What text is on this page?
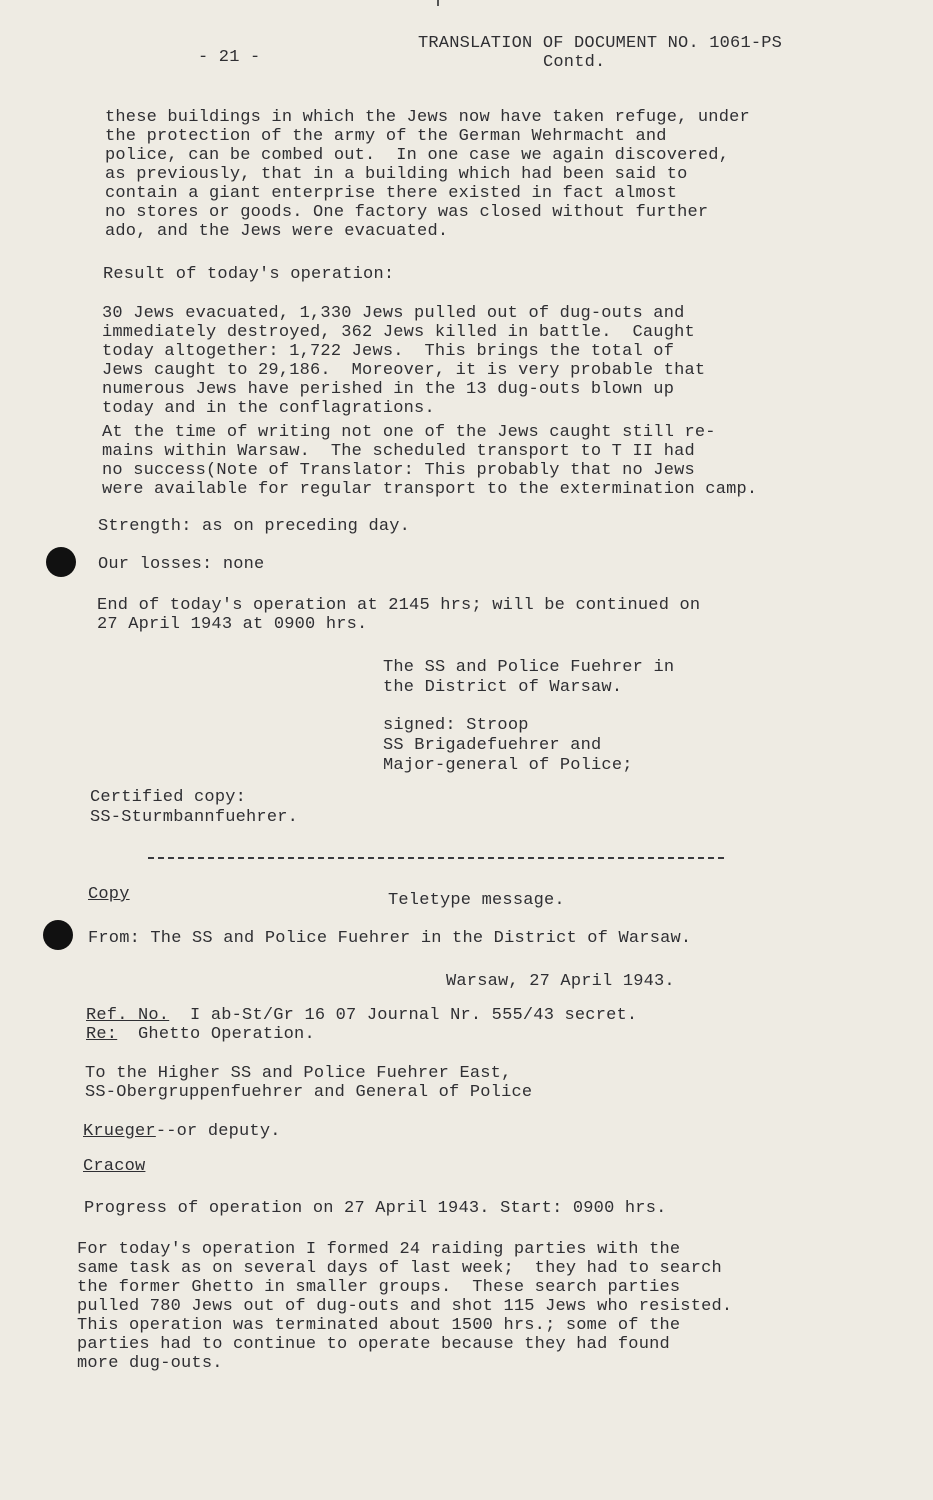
- 21 -
TRANSLATION OF DOCUMENT NO. 1061-PS
Contd.
these buildings in which the Jews now have taken refuge, under
the protection of the army of the German Wehrmacht and
police, can be combed out.  In one case we again discovered,
as previously, that in a building which had been said to
contain a giant enterprise there existed in fact almost
no stores or goods. One factory was closed without further
ado, and the Jews were evacuated.
Result of today's operation:
30 Jews evacuated, 1,330 Jews pulled out of dug-outs and
immediately destroyed, 362 Jews killed in battle.  Caught
today altogether: 1,722 Jews.  This brings the total of
Jews caught to 29,186.  Moreover, it is very probable that
numerous Jews have perished in the 13 dug-outs blown up
today and in the conflagrations.
At the time of writing not one of the Jews caught still re-
mains within Warsaw.  The scheduled transport to T II had
no success(Note of Translator: This probably that no Jews
were available for regular transport to the extermination camp.
Strength: as on preceding day.
Our losses: none
End of today's operation at 2145 hrs; will be continued on
27 April 1943 at 0900 hrs.
The SS and Police Fuehrer in
the District of Warsaw.
signed: Stroop
SS Brigadefuehrer and
Major-general of Police;
Certified copy:
SS-Sturmbannfuehrer.
Copy	Teletype message.
From: The SS and Police Fuehrer in the District of Warsaw.
Warsaw, 27 April 1943.
Ref. No. I ab-St/Gr 16 07 Journal Nr. 555/43 secret.
Re: Ghetto Operation.
To the Higher SS and Police Fuehrer East,
SS-Obergruppenfuehrer and General of Police
Krueger--or deputy.
Cracow
Progress of operation on 27 April 1943. Start: 0900 hrs.
For today's operation I formed 24 raiding parties with the
same task as on several days of last week;  they had to search
the former Ghetto in smaller groups.  These search parties
pulled 780 Jews out of dug-outs and shot 115 Jews who resisted.
This operation was terminated about 1500 hrs.; some of the
parties had to continue to operate because they had found
more dug-outs.
